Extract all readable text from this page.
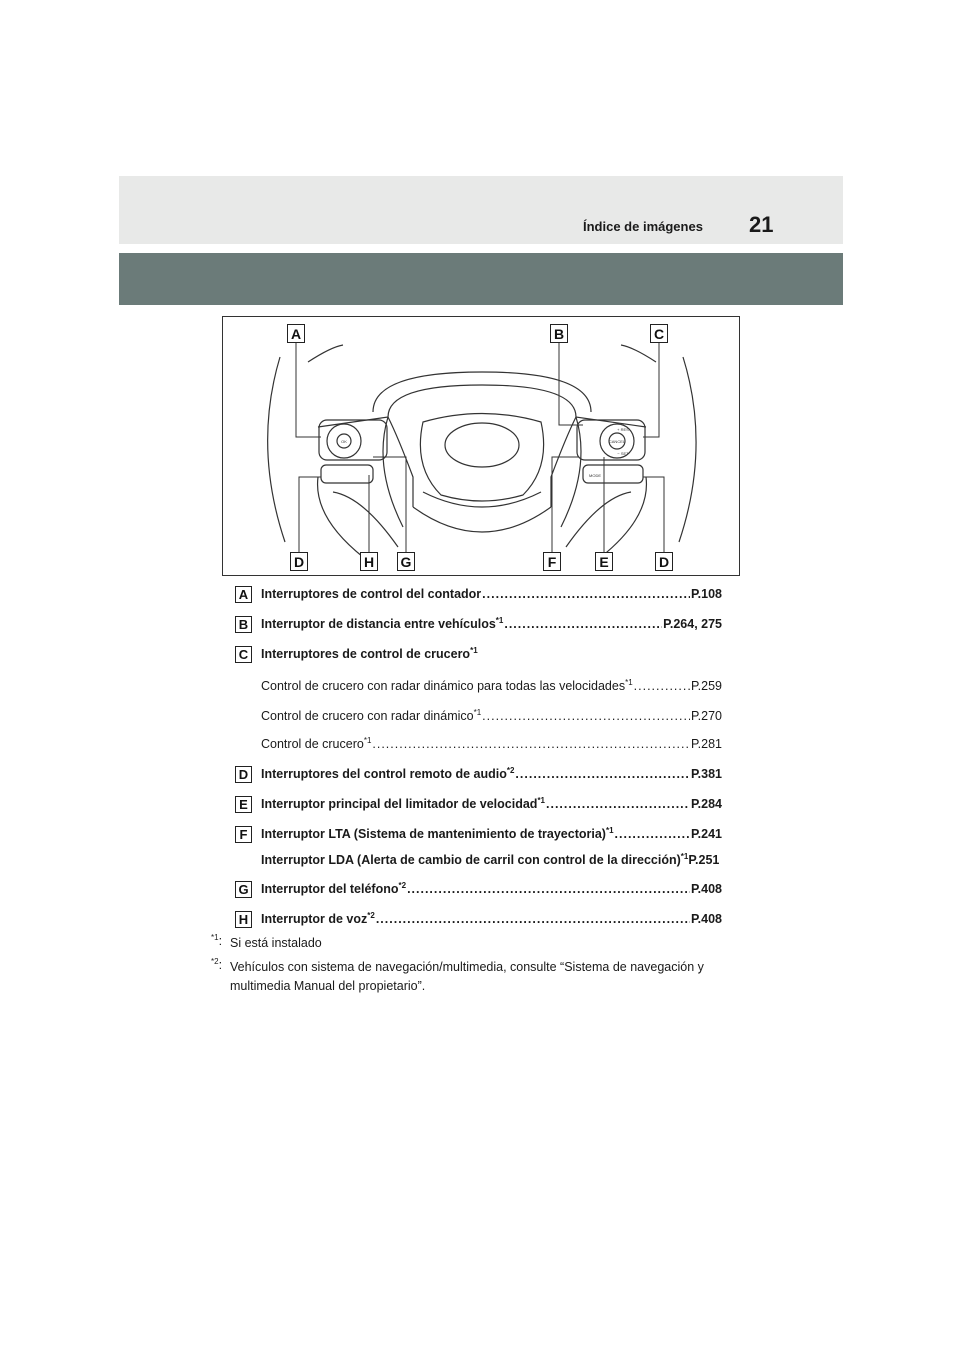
Índice de imágenes 21
OK
+ RES
CANCEL
− SET
MODE
A	B	C
D	H G	F	E	D
A	Interruptores de control del contador .....	P.108
B	Interruptor de distancia entre vehículos$^{*1}$ .....	P.264, 275
C	Interruptores de control de crucero$^{*1}$
Control de crucero con radar dinámico para todas las velocidades$^{*1}$ .....	P.259
Control de crucero con radar dinámico$^{*1}$ .....	P.270
Control de crucero$^{*1}$ .....	P.281
D	Interruptores del control remoto de audio$^{*2}$ .....	P.381
E	Interruptor principal del limitador de velocidad$^{*1}$ .....	P.284
F	Interruptor LTA (Sistema de mantenimiento de trayectoria)$^{*1}$ .....	P.241
Interruptor LDA (Alerta de cambio de carril con control de la dirección)$^{*1}$ P.251
G Interruptor del teléfono$^{*2}$ .....	P.408
H	Interruptor de voz$^{*2}$ .....	P.408
$^{*1}$: Si está instalado
$^{*2}$: Vehículos con sistema de navegación/multimedia, consulte “Sistema de navegación y multimedia Manual del propietario”.
